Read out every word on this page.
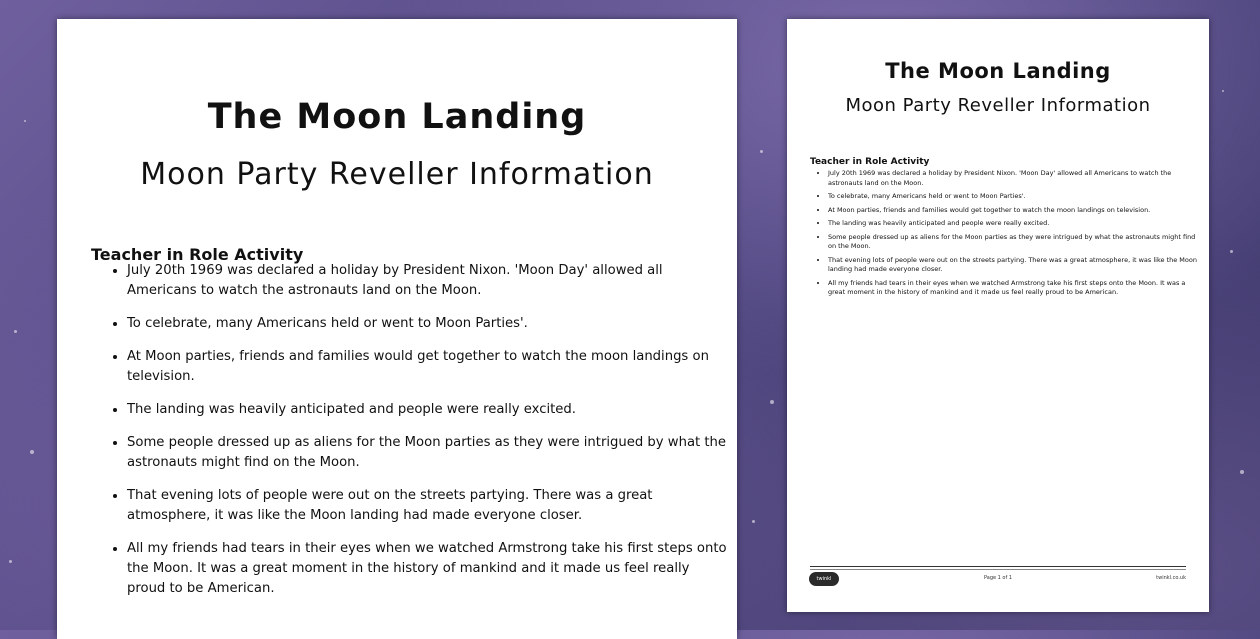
The Moon Landing
Moon Party Reveller Information
Teacher in Role Activity
• July 20th 1969 was declared a holiday by President Nixon. 'Moon Day' allowed all Americans to watch the astronauts land on the Moon.
• To celebrate, many Americans held or went to Moon Parties'.
• At Moon parties, friends and families would get together to watch the moon landings on television.
• The landing was heavily anticipated and people were really excited.
• Some people dressed up as aliens for the Moon parties as they were intrigued by what the astronauts might find on the Moon.
• That evening lots of people were out on the streets partying. There was a great atmosphere, it was like the Moon landing had made everyone closer.
• All my friends had tears in their eyes when we watched Armstrong take his first steps onto the Moon. It was a great moment in the history of mankind and it made us feel really proud to be American.
The Moon Landing
Moon Party Reveller Information
Teacher in Role Activity
• July 20th 1969 was declared a holiday by President Nixon. 'Moon Day' allowed all Americans to watch the astronauts land on the Moon.
• To celebrate, many Americans held or went to Moon Parties'.
• At Moon parties, friends and families would get together to watch the moon landings on television.
• The landing was heavily anticipated and people were really excited.
• Some people dressed up as aliens for the Moon parties as they were intrigued by what the astronauts might find on the Moon.
• That evening lots of people were out on the streets partying. There was a great atmosphere, it was like the Moon landing had made everyone closer.
• All my friends had tears in their eyes when we watched Armstrong take his first steps onto the Moon. It was a great moment in the history of mankind and it made us feel really proud to be American.
twinkl	Page 1 of 1	twinkl.co.uk
